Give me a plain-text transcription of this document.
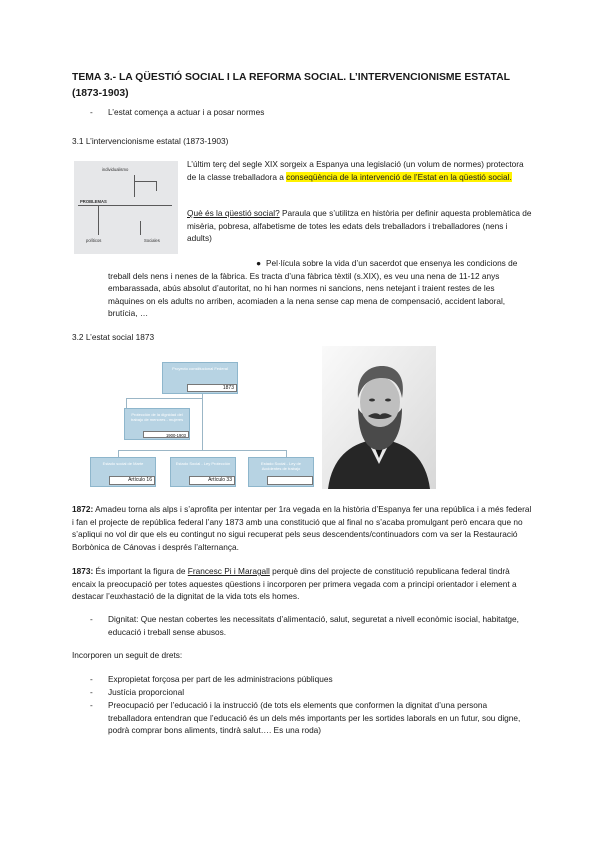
TEMA 3.- LA QÜESTIÓ SOCIAL I LA REFORMA SOCIAL. L’INTERVENCIONISME ESTATAL (1873-1903)
- L’estat comença a actuar i a posar normes
3.1 L’intervencionisme estatal (1873-1903)
individualismo
PROBLEMAS
políticos	Sociales
L’últim terç del segle XIX sorgeix a Espanya una legislació (un volum de normes) protectora de la classe treballadora a conseqüència de la intervenció de l’Estat en la qüestió social.
Què és la qüestió social? Paraula que s’utilitza en història per definir aquesta problemàtica de misèria, pobresa, alfabetisme de totes les edats dels treballadors i treballadores (nens i adults)
● Pel·lícula sobre la vida d’un sacerdot que ensenya les condicions de treball dels nens i nenes de la fàbrica. Es tracta d’una fàbrica tèxtil (s.XIX), es veu una nena de 11-12 anys embarassada, abús absolut d’autoritat, no hi han normes ni sancions, nens netejant i traient restes de les màquines on els adults no arriben, acomiaden a la nena sense cap mena de compensació, accident laboral, brutícia, …
3.2 L’estat social 1873
Proyecto constitucional Federal
1873
Protección de la dignidad del trabajo de menores - mujeres
1900-1903
Estado social de Marte
Artículo 16
Estado Social - Ley Protección
Artículo 33
Estado Social - Ley de Accidentes de trabajo
1872: Amadeu torna als alps i s’aprofita per intentar per 1ra vegada en la història d’Espanya fer una república i a més federal i fan el projecte de república federal l’any 1873 amb una constitució que al final no s’acaba promulgant però encara que no s’apliqui no vol dir que els eu contingut no sigui recuperat pels seus descendents/continuadors com va ser la Restauració Borbònica de Cánovas i després l’alternança.
1873: És important la figura de Francesc Pi i Maragall perquè dins del projecte de constitució republicana federal tindrà encaix la preocupació per totes aquestes qüestions i incorporen per primera vegada com a principi orientador i element a destacar l’euxhastació de la dignitat de la vida tots els homes.
- Dignitat: Que nestan cobertes les necessitats d’alimentació, salut, seguretat a nivell econòmic isocial, habitatge, educació i treball sense abusos.
Incorporen un seguit de drets:
- Expropietat forçosa per part de les administracions públiques
- Justícia proporcional
- Preocupació per l’educació i la instrucció (de tots els elements que conformen la dignitat d’una persona treballadora entendran que l’educació és un dels més importants per les sortides laborals en un futur, sou digne, podrà comprar bons aliments, tindrà salut…. Es una roda)
